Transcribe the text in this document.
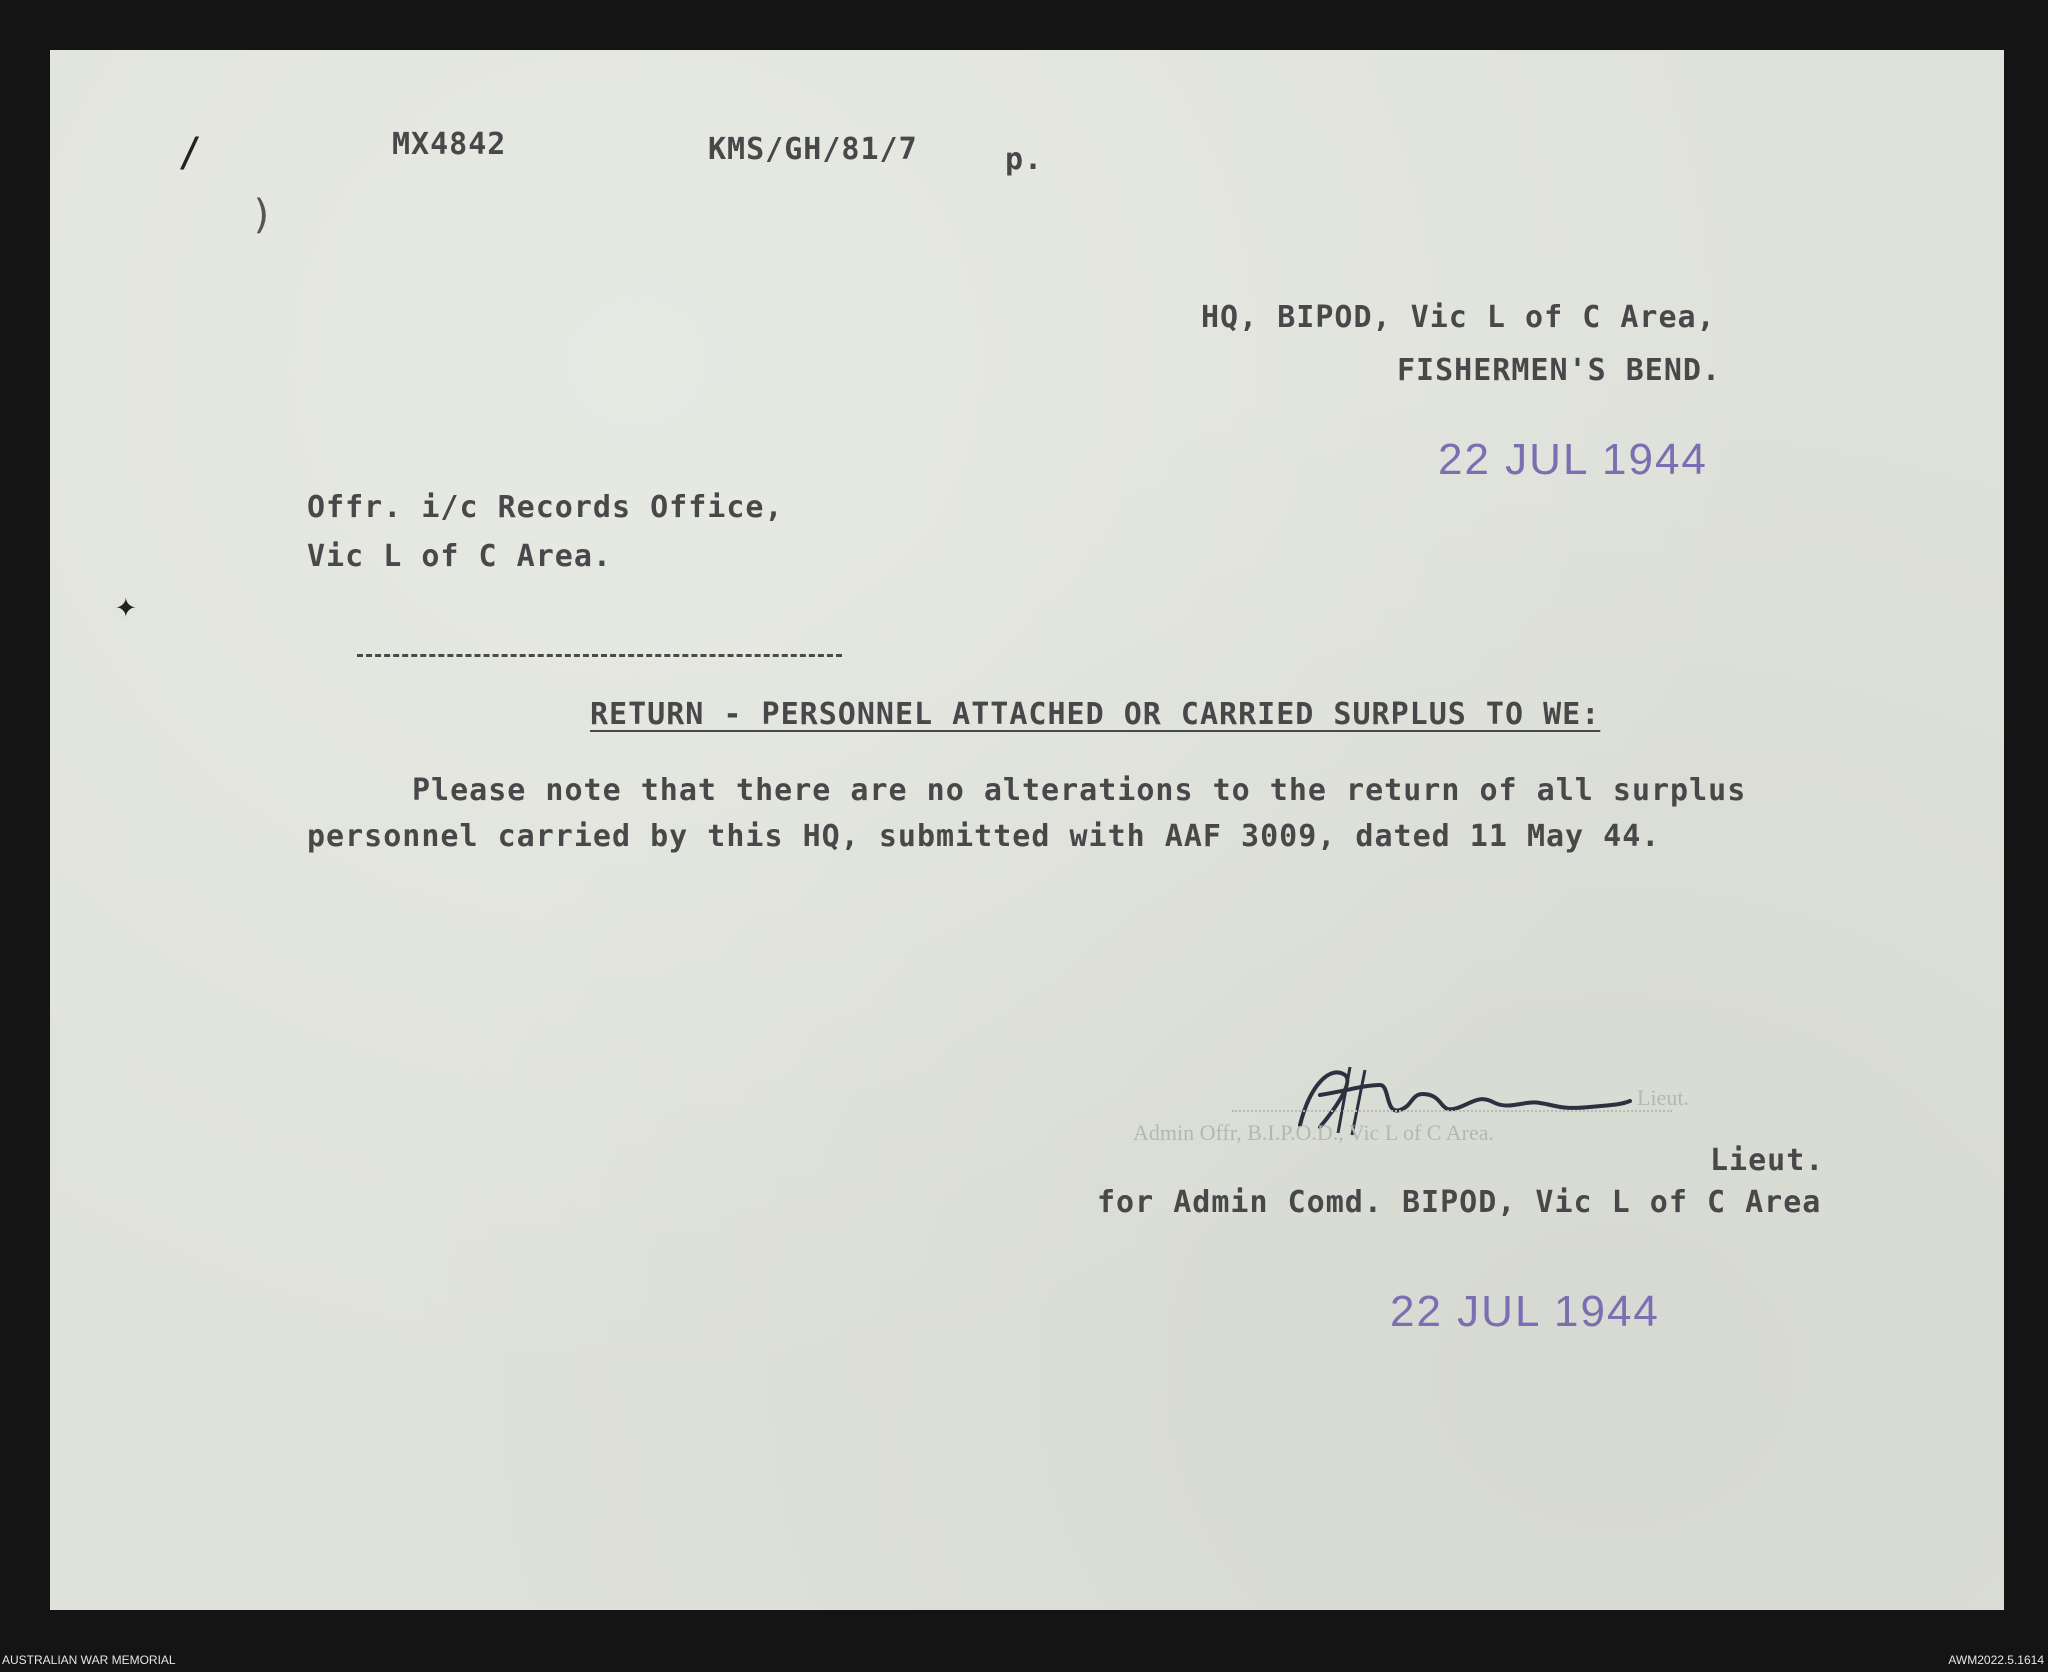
/
)
✦

MX4842	KMS/GH/81/7	p.

HQ, BIPOD, Vic L of C Area,

FISHERMEN'S BEND.

22 JUL 1944

Offr. i/c Records Office,

Vic L of C Area.

RETURN - PERSONNEL ATTACHED OR CARRIED SURPLUS TO WE:

Please note that there are no alterations to the return of all surplus

personnel carried by this HQ, submitted with AAF 3009, dated 11 May 44.

Lieut.

Admin Offr, B.I.P.O.D., Vic L of C Area.

Lieut.

for Admin Comd. BIPOD, Vic L of C Area

22 JUL 1944

AUSTRALIAN WAR MEMORIAL	AWM2022.5.1614
